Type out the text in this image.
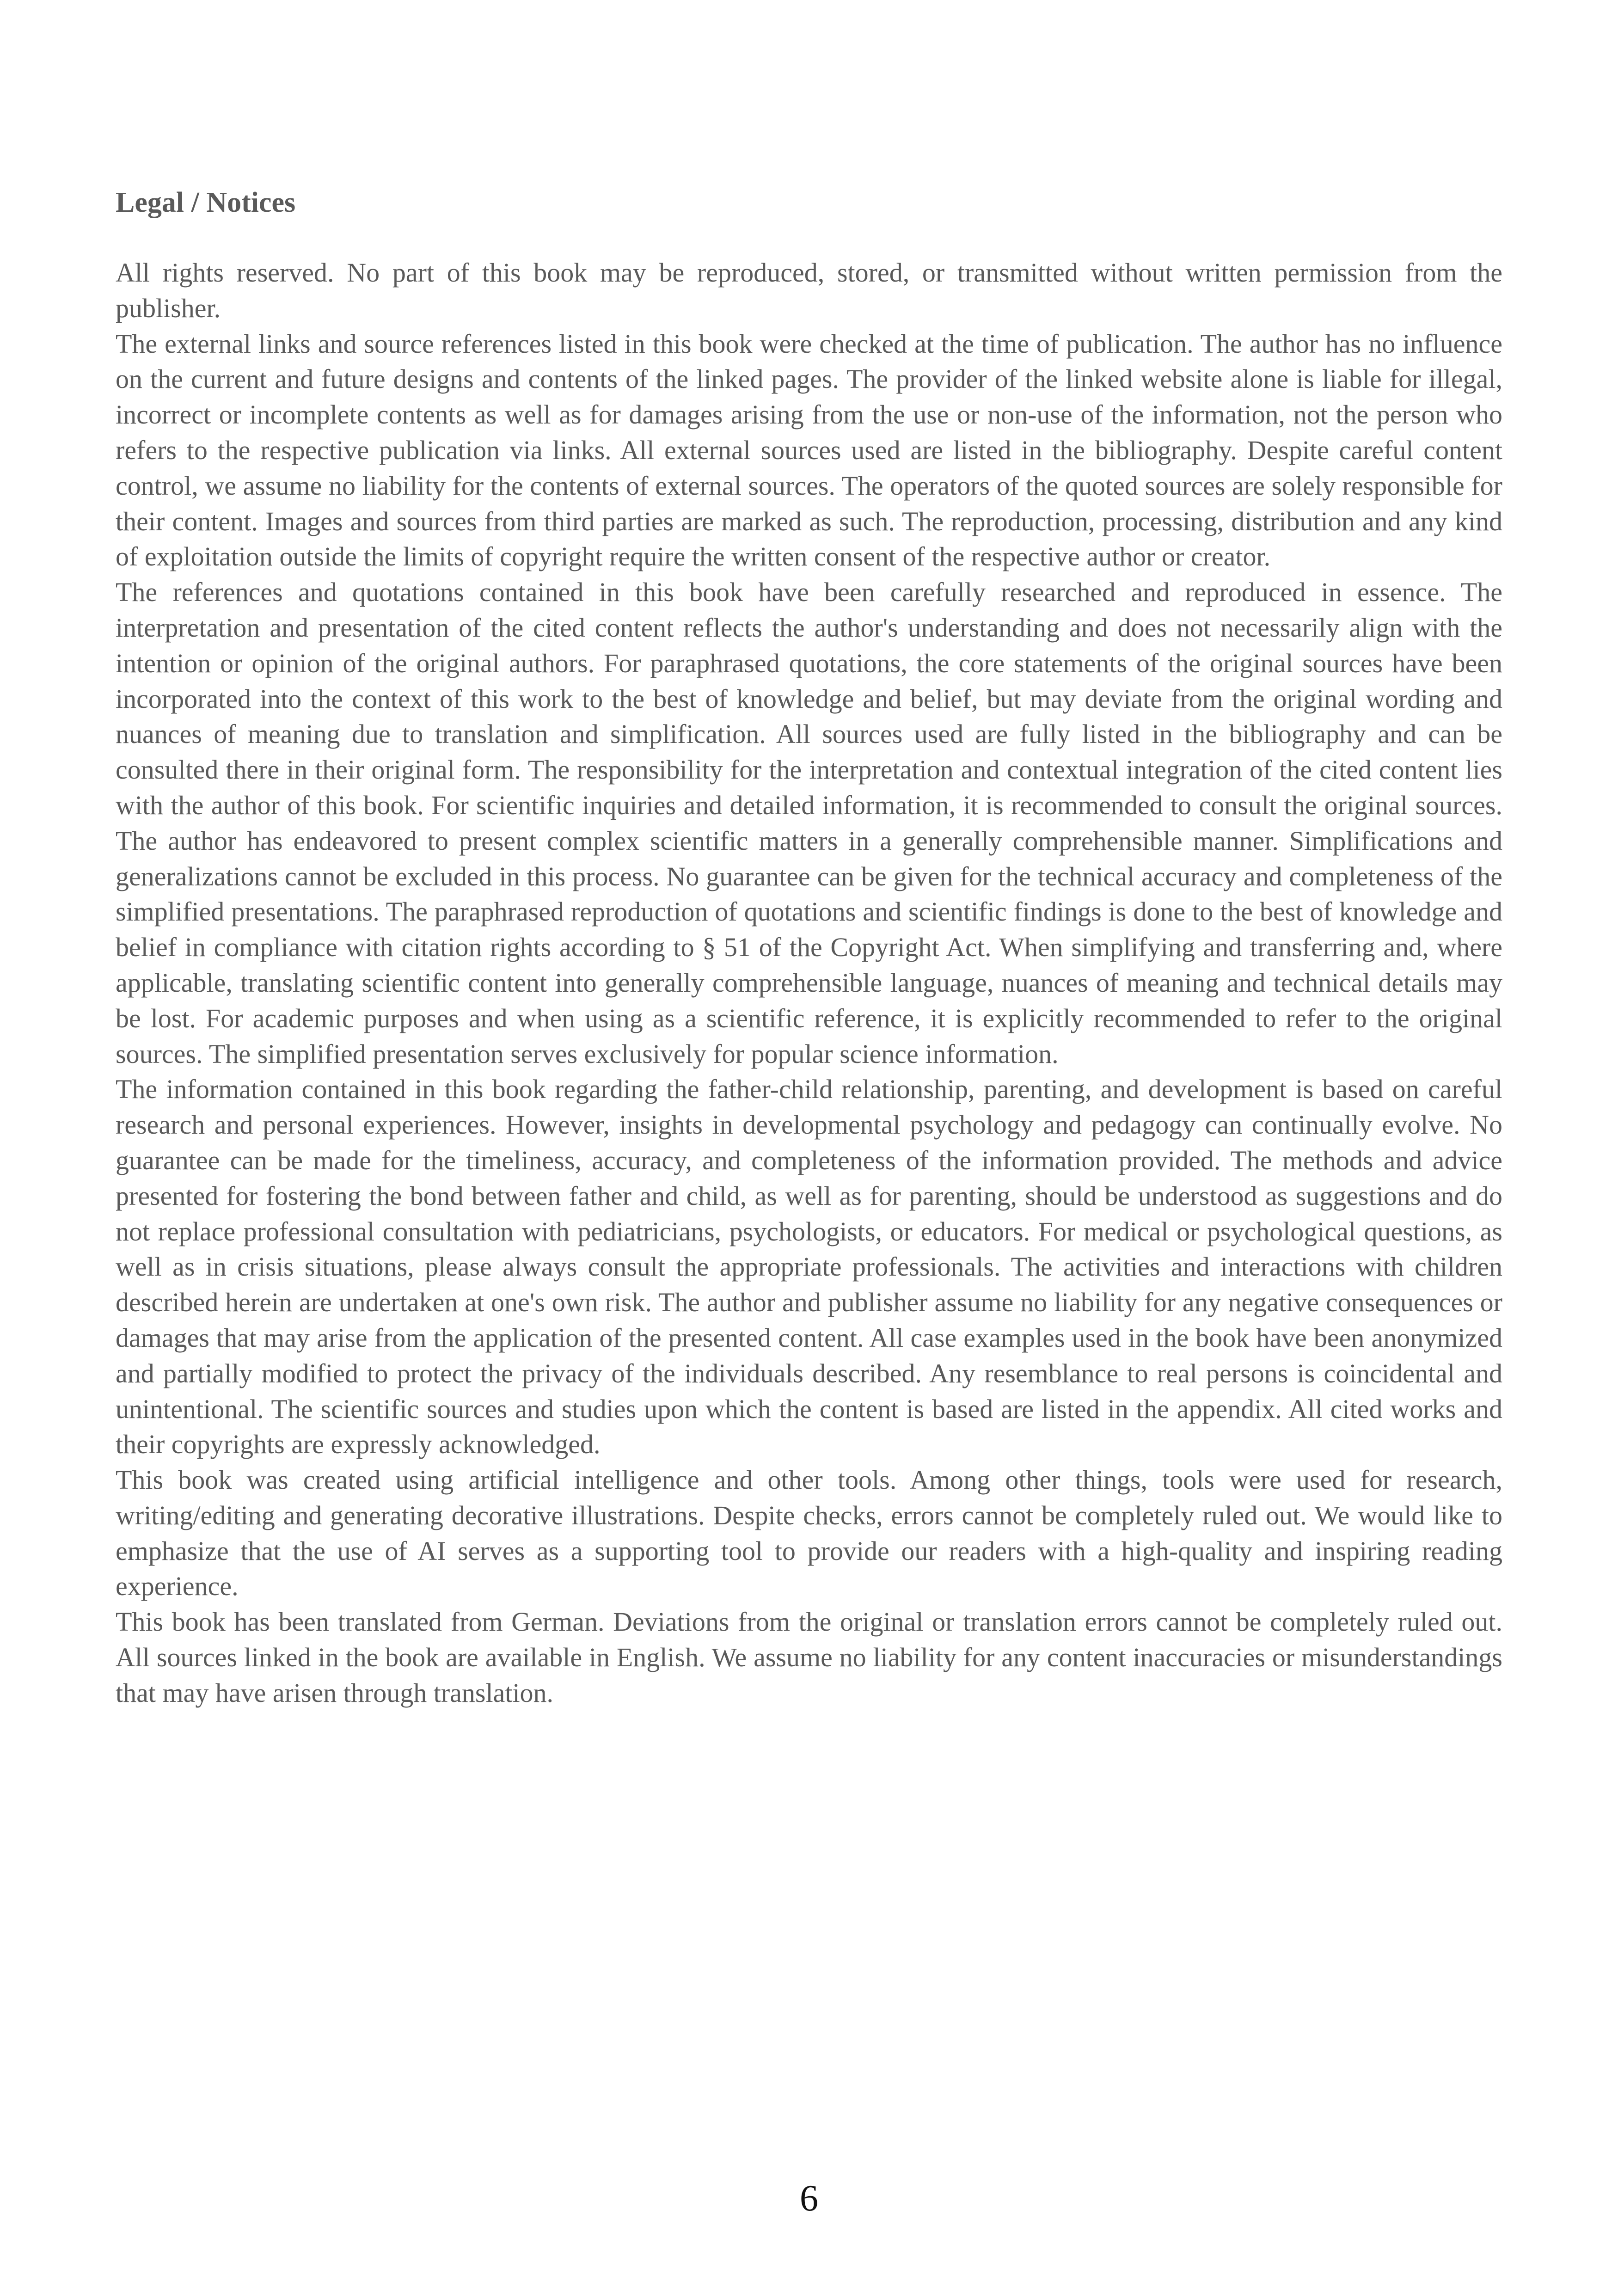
Legal / Notices

All rights reserved. No part of this book may be reproduced, stored, or transmitted without written permission from the publisher.

The external links and source references listed in this book were checked at the time of publication. The author has no influence on the current and future designs and contents of the linked pages. The provider of the linked website alone is liable for illegal, incorrect or incomplete contents as well as for damages arising from the use or non-use of the information, not the person who refers to the respective publication via links. All external sources used are listed in the bibliography. Despite careful content control, we assume no liability for the contents of external sources. The operators of the quoted sources are solely responsible for their content. Images and sources from third parties are marked as such. The reproduction, processing, distribution and any kind of exploitation outside the limits of copyright require the written consent of the respective author or creator.

The references and quotations contained in this book have been carefully researched and reproduced in essence. The interpretation and presentation of the cited content reflects the author's understanding and does not necessarily align with the intention or opinion of the original authors. For paraphrased quotations, the core statements of the original sources have been incorporated into the context of this work to the best of knowledge and belief, but may deviate from the original wording and nuances of meaning due to translation and simplification. All sources used are fully listed in the bibliography and can be consulted there in their original form. The responsibility for the interpretation and contextual integration of the cited content lies with the author of this book. For scientific inquiries and detailed information, it is recommended to consult the original sources. The author has endeavored to present complex scientific matters in a generally comprehensible manner. Simplifications and generalizations cannot be excluded in this process. No guarantee can be given for the technical accuracy and completeness of the simplified presentations. The paraphrased reproduction of quotations and scientific findings is done to the best of knowledge and belief in compliance with citation rights according to § 51 of the Copyright Act. When simplifying and transferring and, where applicable, translating scientific content into generally comprehensible language, nuances of meaning and technical details may be lost. For academic purposes and when using as a scientific reference, it is explicitly recommended to refer to the original sources. The simplified presentation serves exclusively for popular science information.

The information contained in this book regarding the father-child relationship, parenting, and development is based on careful research and personal experiences. However, insights in developmental psychology and pedagogy can continually evolve. No guarantee can be made for the timeliness, accuracy, and completeness of the information provided. The methods and advice presented for fostering the bond between father and child, as well as for parenting, should be understood as suggestions and do not replace professional consultation with pediatricians, psychologists, or educators. For medical or psychological questions, as well as in crisis situations, please always consult the appropriate professionals. The activities and interactions with children described herein are undertaken at one's own risk. The author and publisher assume no liability for any negative consequences or damages that may arise from the application of the presented content. All case examples used in the book have been anonymized and partially modified to protect the privacy of the individuals described. Any resemblance to real persons is coincidental and unintentional. The scientific sources and studies upon which the content is based are listed in the appendix. All cited works and their copyrights are expressly acknowledged.

This book was created using artificial intelligence and other tools. Among other things, tools were used for research, writing/editing and generating decorative illustrations. Despite checks, errors cannot be completely ruled out. We would like to emphasize that the use of AI serves as a supporting tool to provide our readers with a high-quality and inspiring reading experience.

This book has been translated from German. Deviations from the original or translation errors cannot be completely ruled out. All sources linked in the book are available in English. We assume no liability for any content inaccuracies or misunderstandings that may have arisen through translation.

6
